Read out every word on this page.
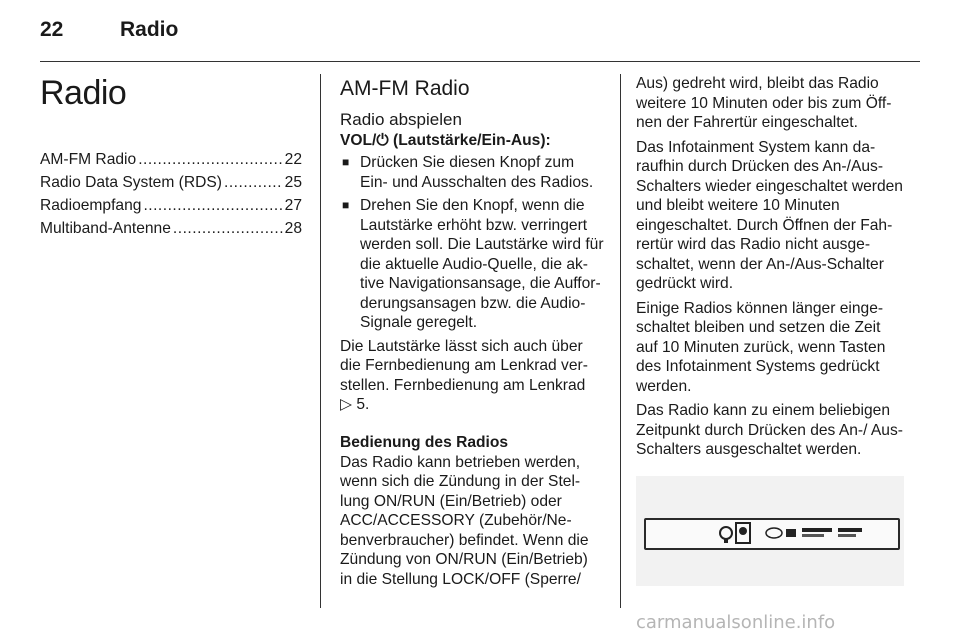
22	Radio
Radio
AM-FM Radio .....	22
Radio Data System (RDS) .....	25
Radioempfang .....	27
Multiband-Antenne .....	28
AM-FM Radio
Radio abspielen
VOL/⏻ (Lautstärke/Ein-Aus):
■ Drücken Sie diesen Knopf zum Ein- und Ausschalten des Radios.
■ Drehen Sie den Knopf, wenn die Lautstärke erhöht bzw. verringert werden soll. Die Lautstärke wird für die aktuelle Audio-Quelle, die aktive Navigationsansage, die Aufforderungsansagen bzw. die Audio-Signale geregelt.

Die Lautstärke lässt sich auch über die Fernbedienung am Lenkrad verstellen. Fernbedienung am Lenkrad
▷ 5.

Bedienung des Radios

Das Radio kann betrieben werden, wenn sich die Zündung in der Stellung ON/RUN (Ein/Betrieb) oder ACC/ACCESSORY (Zubehör/Nebenverbraucher) befindet. Wenn die Zündung von ON/RUN (Ein/Betrieb) in die Stellung LOCK/OFF (Sperre/

Aus) gedreht wird, bleibt das Radio weitere 10 Minuten oder bis zum Öffnen der Fahrertür eingeschaltet.

Das Infotainment System kann daraufhin durch Drücken des An-/Aus-Schalters wieder eingeschaltet werden und bleibt weitere 10 Minuten eingeschaltet. Durch Öffnen der Fahrertür wird das Radio nicht ausgeschaltet, wenn der An-/Aus-Schalter gedrückt wird.

Einige Radios können länger eingeschaltet bleiben und setzen die Zeit auf 10 Minuten zurück, wenn Tasten des Infotainment Systems gedrückt werden.

Das Radio kann zu einem beliebigen Zeitpunkt durch Drücken des An-/ Aus-Schalters ausgeschaltet werden.

carmanualsonline.info
